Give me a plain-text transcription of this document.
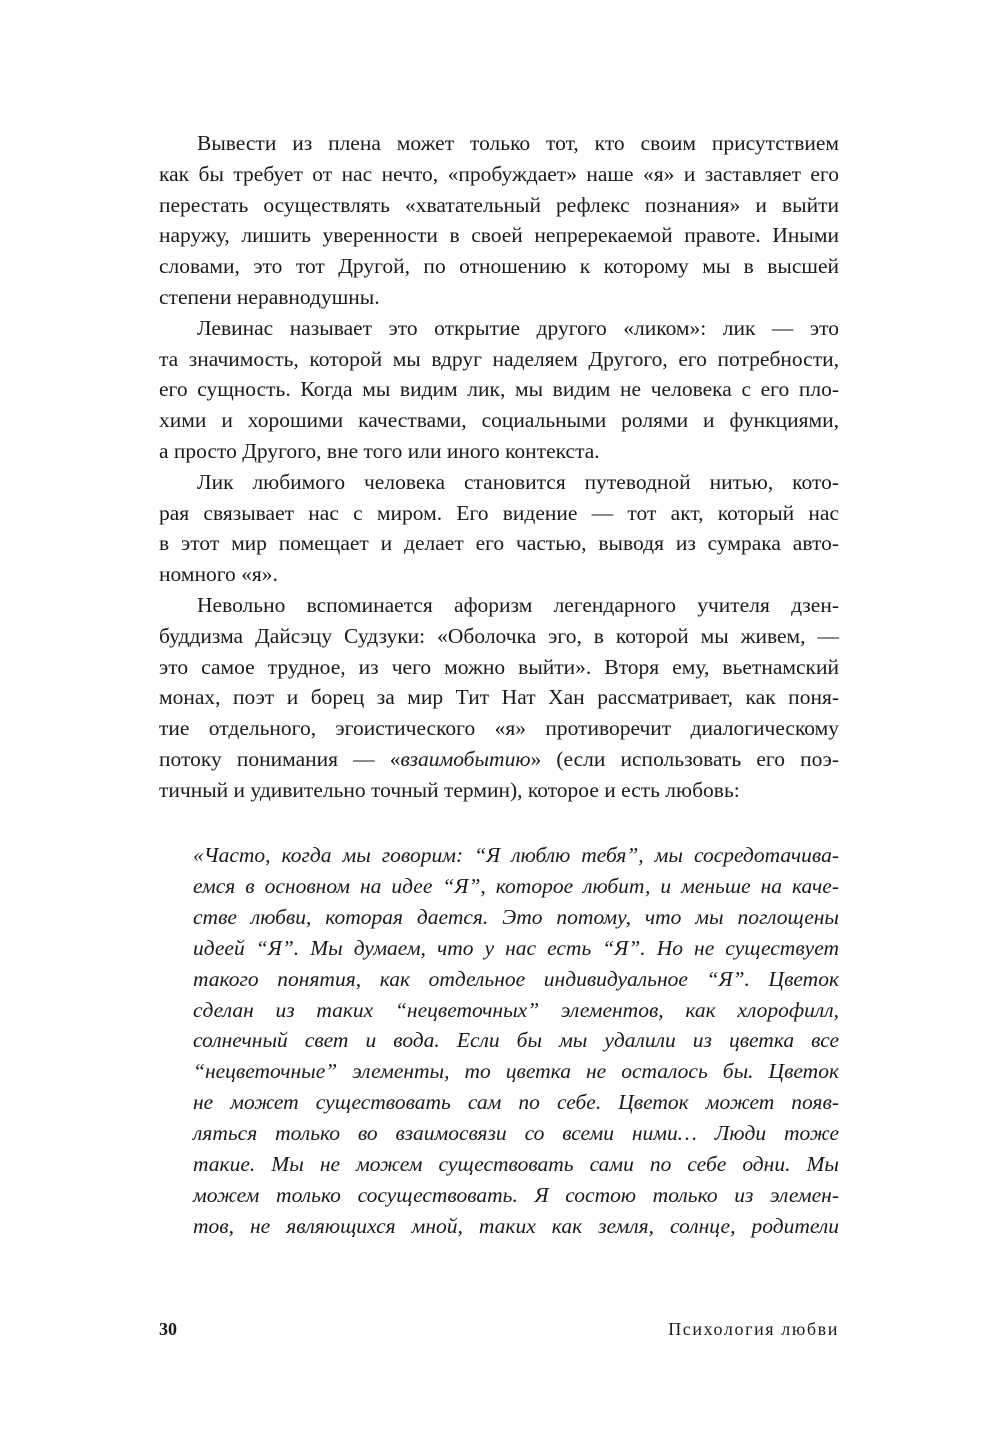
Вывести из плена может только тот, кто своим присутствием
как бы требует от нас нечто, «пробуждает» наше «я» и заставляет его
перестать осуществлять «хватательный рефлекс познания» и выйти
наружу, лишить уверенности в своей непререкаемой правоте. Иными
словами, это тот Другой, по отношению к которому мы в высшей
степени неравнодушны.

Левинас называет это открытие другого «ликом»: лик — это
та значимость, которой мы вдруг наделяем Другого, его потребности,
его сущность. Когда мы видим лик, мы видим не человека с его пло-
хими и хорошими качествами, социальными ролями и функциями,
а просто Другого, вне того или иного контекста.

Лик любимого человека становится путеводной нитью, кото-
рая связывает нас с миром. Его видение — тот акт, который нас
в этот мир помещает и делает его частью, выводя из сумрака авто-
номного «я».

Невольно вспоминается афоризм легендарного учителя дзен-
буддизма Дайсэцу Судзуки: «Оболочка эго, в которой мы живем, —
это самое трудное, из чего можно выйти». Вторя ему, вьетнамский
монах, поэт и борец за мир Тит Нат Хан рассматривает, как поня-
тие отдельного, эгоистического «я» противоречит диалогическому
потоку понимания — «взаимобытию» (если использовать его поэ-
тичный и удивительно точный термин), которое и есть любовь:

«Часто, когда мы говорим: “Я люблю тебя”, мы сосредотачива-
емся в основном на идее “Я”, которое любит, и меньше на каче-
стве любви, которая дается. Это потому, что мы поглощены
идеей “Я”. Мы думаем, что у нас есть “Я”. Но не существует
такого понятия, как отдельное индивидуальное “Я”. Цветок
сделан из таких “нецветочных” элементов, как хлорофилл,
солнечный свет и вода. Если бы мы удалили из цветка все
“нецветочные” элементы, то цветка не осталось бы. Цветок
не может существовать сам по себе. Цветок может появ-
ляться только во взаимосвязи со всеми ними… Люди тоже
такие. Мы не можем существовать сами по себе одни. Мы
можем только сосуществовать. Я состою только из элемен-
тов, не являющихся мной, таких как земля, солнце, родители
30	Психология любви
